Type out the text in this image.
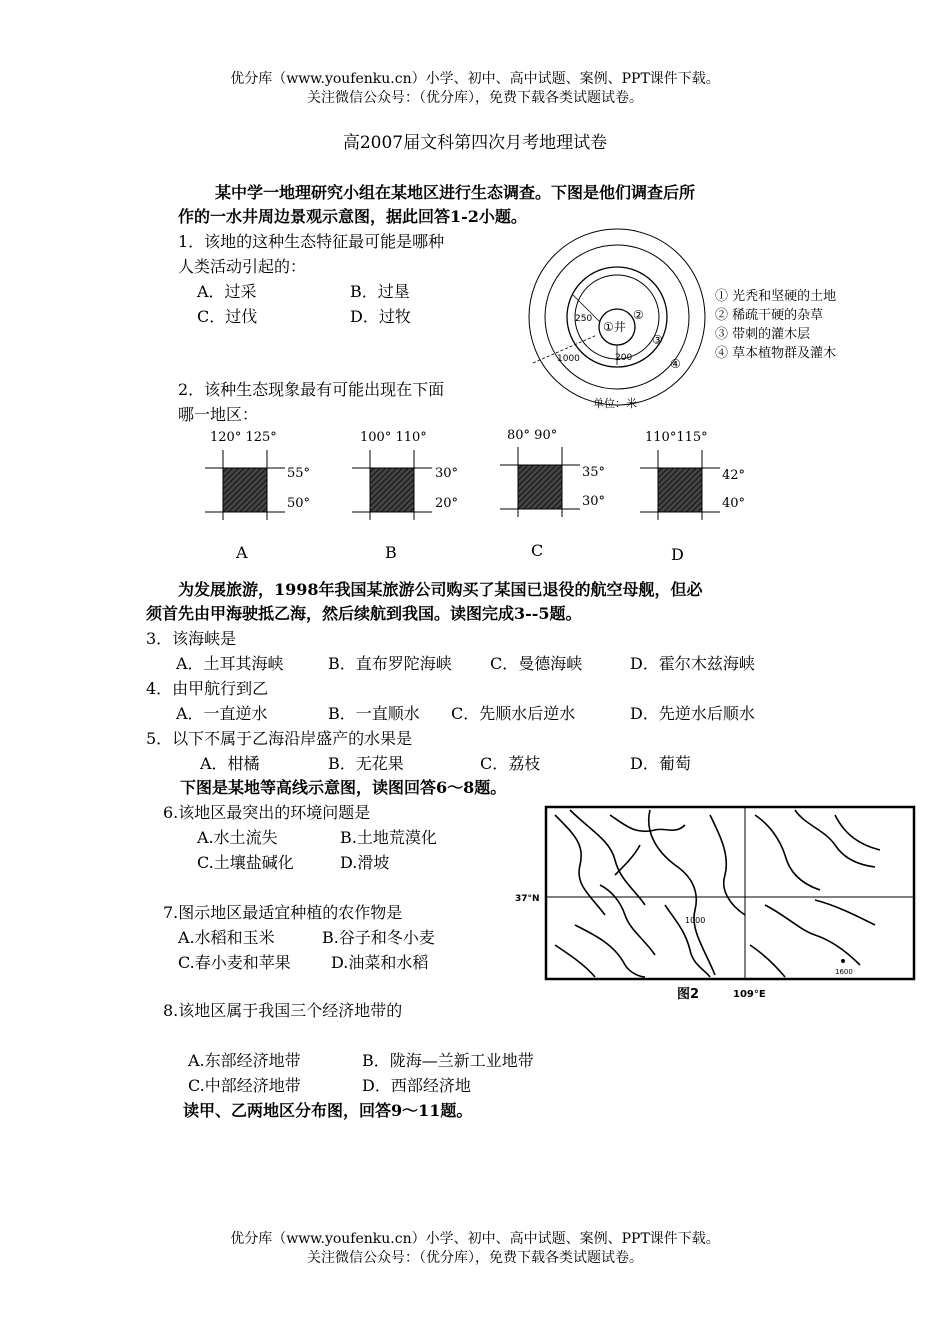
优分库（www.youfenku.cn）小学、初中、高中试题、案例、PPT课件下载。
关注微信公众号：（优分库），免费下载各类试题试卷。
高2007届文科第四次月考地理试卷
某中学一地理研究小组在某地区进行生态调查。下图是他们调查后所
作的一水井周边景观示意图，据此回答1-2小题。
1．该地的这种生态特征最可能是哪种
人类活动引起的：
A．过采	B．过垦
C．过伐	D．过牧
①井
②
③
④
250
200
1000
单位：米
① 光秃和坚硬的土地
② 稀疏干硬的杂草
③ 带刺的灌木层
④ 草本植物群及灌木
2．该种生态现象最有可能出现在下面
哪一地区：
120° 125°
55°
50°
A
100° 110°
30°
20°
B
80° 90°
35°
30°
C
110°115°
42°
40°
D
为发展旅游，1998年我国某旅游公司购买了某国已退役的航空母舰，但必
须首先由甲海驶抵乙海，然后续航到我国。读图完成3--5题。
3．该海峡是
A．土耳其海峡	B．直布罗陀海峡 C．曼德海峡	D．霍尔木兹海峡
4．由甲航行到乙
A．一直逆水	B．一直顺水 C．先顺水后逆水	D．先逆水后顺水
5．以下不属于乙海沿岸盛产的水果是
A．柑橘	B．无花果	C．荔枝	D．葡萄
下图是某地等高线示意图，读图回答6～8题。
6.该地区最突出的环境问题是
A.水土流失	B.土地荒漠化
C.土壤盐碱化	D.滑坡
37°N
1000
1600
图2	109°E
7.图示地区最适宜种植的农作物是
A.水稻和玉米	B.谷子和冬小麦
C.春小麦和苹果	D.油菜和水稻
8.该地区属于我国三个经济地带的
A.东部经济地带	B．陇海—兰新工业地带
C.中部经济地带	D．西部经济地
读甲、乙两地区分布图，回答9～11题。
优分库（www.youfenku.cn）小学、初中、高中试题、案例、PPT课件下载。
关注微信公众号：（优分库），免费下载各类试题试卷。
